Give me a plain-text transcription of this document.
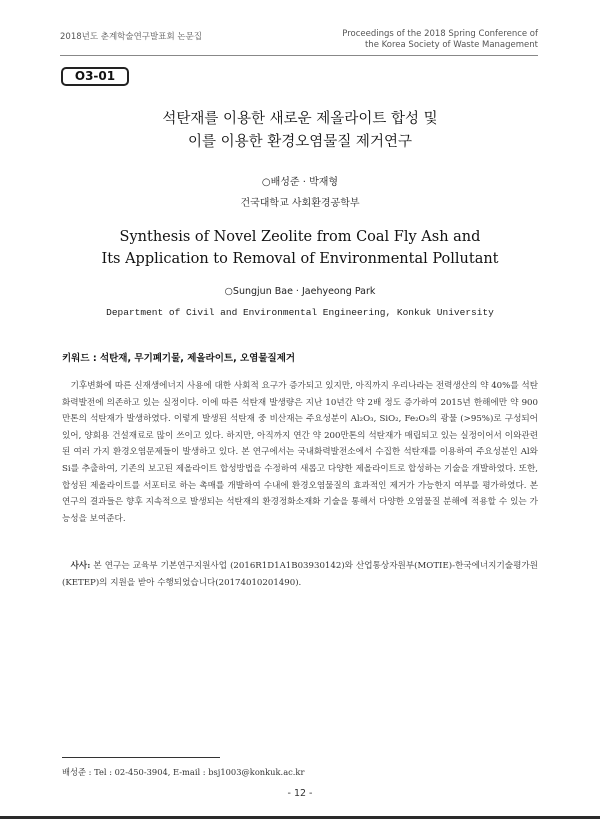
2018년도 춘계학술연구발표회 논문집	Proceedings of the 2018 Spring Conference of
the Korea Society of Waste Management
O3-01
석탄재를 이용한 새로운 제올라이트 합성 및
이를 이용한 환경오염물질 제거연구
○배성준 · 박재형
건국대학교 사회환경공학부
Synthesis of Novel Zeolite from Coal Fly Ash and
Its Application to Removal of Environmental Pollutant
○Sungjun Bae · Jaehyeong Park
Department of Civil and Environmental Engineering, Konkuk University
키워드 : 석탄재, 무기폐기물, 제올라이트, 오염물질제거

기후변화에 따른 신재생에너지 사용에 대한 사회적 요구가 증가되고 있지만, 아직까지 우리나라는 전력생산의 약 40%를 석탄화력발전에 의존하고 있는 실정이다. 이에 따른 석탄재 발생량은 지난 10년간 약 2배 정도 증가하여 2015년 한해에만 약 900만톤의 석탄재가 발생하였다. 이렇게 발생된 석탄재 중 비산재는 주요성분이 Al₂O₃, SiO₂, Fe₂O₃의 광물 (>95%)로 구성되어 있어, 양회용 건설재료로 많이 쓰이고 있다. 하지만, 아직까지 연간 약 200만톤의 석탄재가 매립되고 있는 실정이어서 이와관련된 여러 가지 환경오염문제들이 발생하고 있다. 본 연구에서는 국내화력발전소에서 수집한 석탄재를 이용하여 주요성분인 Al와 Si를 추출하여, 기존의 보고된 제올라이트 합성방법을 수정하여 새롭고 다양한 제올라이트로 합성하는 기술을 개발하였다. 또한, 합성된 제올라이트를 서포터로 하는 촉매를 개발하여 수내에 환경오염물질의 효과적인 제거가 가능한지 여부를 평가하였다. 본 연구의 결과들은 향후 지속적으로 발생되는 석탄재의 환경정화소재화 기술을 통해서 다양한 오염물질 분해에 적용할 수 있는 가능성을 보여준다.

사사: 본 연구는 교육부 기본연구지원사업 (2016R1D1A1B03930142)와 산업통상자원부(MOTIE)-한국에너지기술평가원(KETEP)의 지원을 받아 수행되었습니다(20174010201490).

배성준 : Tel : 02-450-3904, E-mail : bsj1003@konkuk.ac.kr
- 12 -
